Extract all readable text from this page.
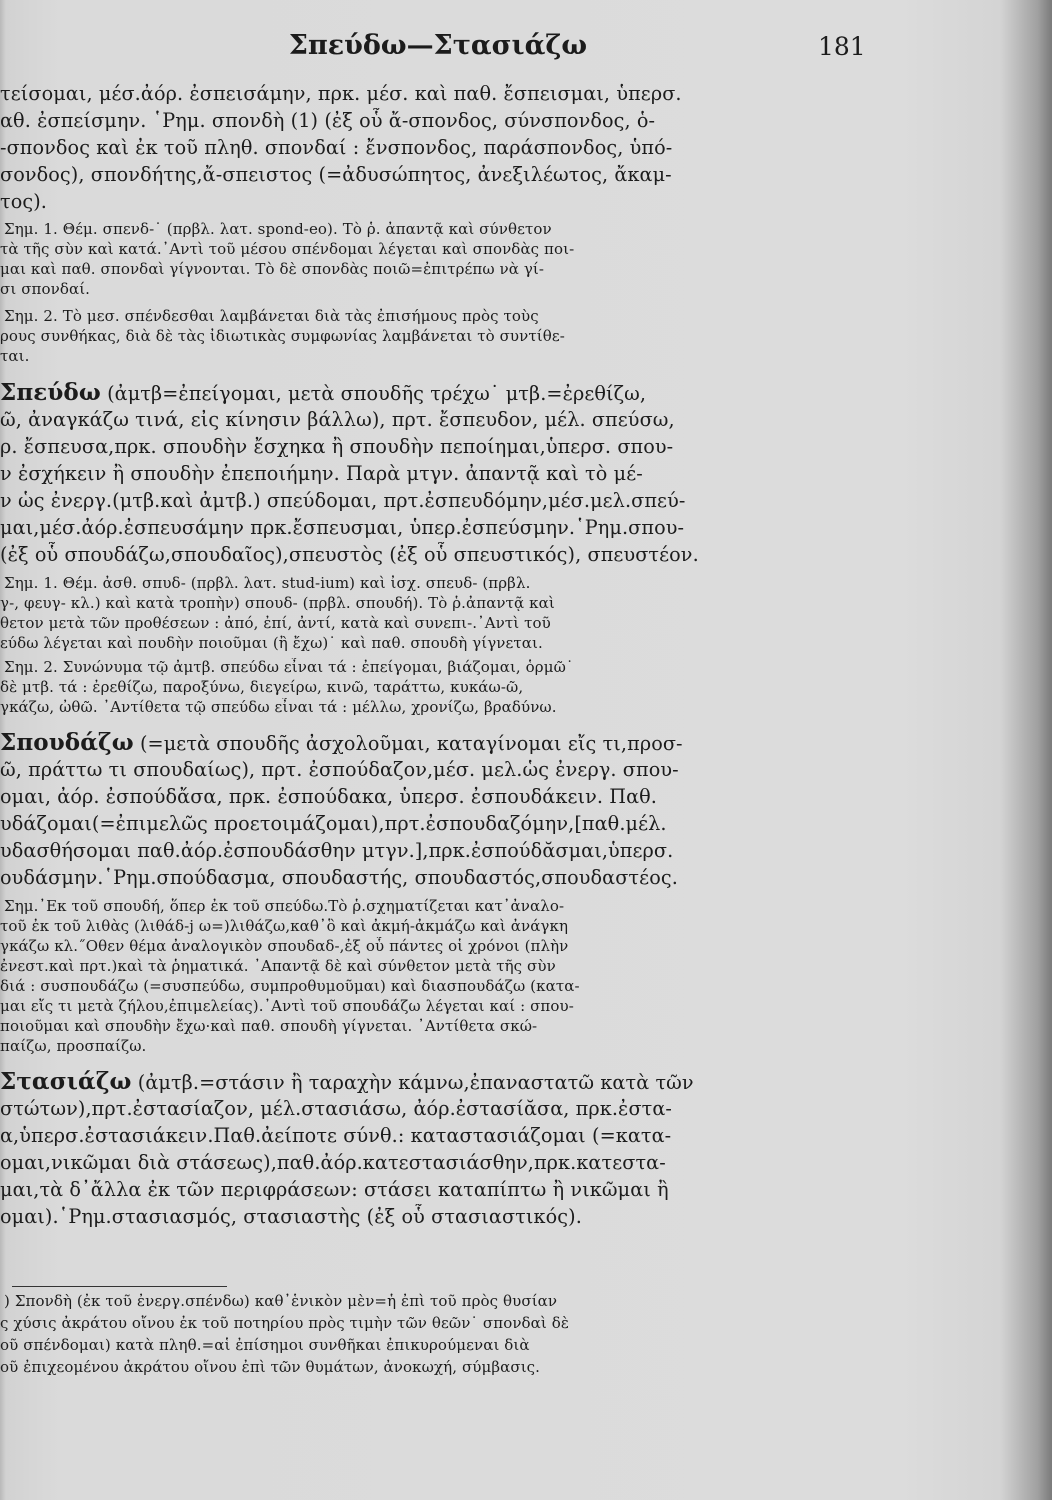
Σπεύδω—Στασιάζω	181
τείσομαι, μέσ.ἀόρ. ἐσπεισάμην, πρκ. μέσ. καὶ παθ. ἔσπεισμαι, ὑπερσ.
αθ. ἐσπείσμην. ῾Ρημ. σπονδὴ (1) (ἐξ οὗ ἄ-σπονδος, σύνσπονδος, ὁ-
-σπονδος καὶ ἐκ τοῦ πληθ. σπονδαί : ἔνσπονδος, παράσπονδος, ὑπό-
σονδος), σπονδήτης,ἄ-σπειστος (=ἀδυσώπητος, ἀνεξιλέωτος, ἄκαμ-
τος).
Σημ. 1. Θέμ. σπενδ-˙ (πρβλ. λατ. spond-eo). Τὸ ῥ. ἀπαντᾷ καὶ σύνθετον
τὰ τῆς σὺν καὶ κατά.᾿Αντὶ τοῦ μέσου σπένδομαι λέγεται καὶ σπονδὰς ποι-
μαι καὶ παθ. σπονδαὶ γίγνονται. Τὸ δὲ σπονδὰς ποιῶ=ἐπιτρέπω νὰ γί-
σι σπονδαί.
Σημ. 2. Τὸ μεσ. σπένδεσθαι λαμβάνεται διὰ τὰς ἐπισήμους πρὸς τοὺς
ρους συνθήκας, διὰ δὲ τὰς ἰδιωτικὰς συμφωνίας λαμβάνεται τὸ συντίθε-
ται.
Σπεύδω (ἀμτβ=ἐπείγομαι, μετὰ σπουδῆς τρέχω˙ μτβ.=ἐρεθίζω,
ῶ, ἀναγκάζω τινά, εἰς κίνησιν βάλλω), πρτ. ἔσπευδον, μέλ. σπεύσω,
ρ. ἔσπευσα,πρκ. σπουδὴν ἔσχηκα ἢ σπουδὴν πεποίημαι,ὑπερσ. σπου-
ν ἐσχήκειν ἢ σπουδὴν ἐπεποιήμην. Παρὰ μτγν. ἀπαντᾷ καὶ τὸ μέ-
ν ὡς ἐνεργ.(μτβ.καὶ ἀμτβ.) σπεύδομαι, πρτ.ἐσπευδόμην,μέσ.μελ.σπεύ-
μαι,μέσ.ἀόρ.ἐσπευσάμην πρκ.ἔσπευσμαι, ὑπερ.ἐσπεύσμην.῾Ρημ.σπου-
(ἐξ οὗ σπουδάζω,σπουδαῖος),σπευστὸς (ἐξ οὗ σπευστικός), σπευστέον.
Σημ. 1. Θέμ. ἀσθ. σπυδ- (πρβλ. λατ. stud-ium) καὶ ἰσχ. σπευδ- (πρβλ.
γ-, φευγ- κλ.) καὶ κατὰ τροπὴν) σπουδ- (πρβλ. σπουδή). Τὸ ῥ.ἀπαντᾷ καὶ
θετον μετὰ τῶν προθέσεων : ἀπό, ἐπί, ἀντί, κατὰ καὶ συνεπι-.᾿Αντὶ τοῦ
εύδω λέγεται καὶ πουδὴν ποιοῦμαι (ἢ ἔχω)˙ καὶ παθ. σπουδὴ γίγνεται.
Σημ. 2. Συνώνυμα τῷ ἀμτβ. σπεύδω εἶναι τά : ἐπείγομαι, βιάζομαι, ὁρμῶ˙
δὲ μτβ. τά : ἐρεθίζω, παροξύνω, διεγείρω, κινῶ, ταράττω, κυκάω-ῶ,
γκάζω, ὠθῶ. ᾿Αντίθετα τῷ σπεύδω εἶναι τά : μέλλω, χρονίζω, βραδύνω.
Σπουδάζω (=μετὰ σπουδῆς ἀσχολοῦμαι, καταγίνομαι εἴς τι,προσ-
ῶ, πράττω τι σπουδαίως), πρτ. ἐσπούδαζον,μέσ. μελ.ὡς ἐνεργ. σπου-
ομαι, ἀόρ. ἐσπούδἄσα, πρκ. ἐσπούδακα, ὑπερσ. ἐσπουδάκειν. Παθ.
υδάζομαι(=ἐπιμελῶς προετοιμάζομαι),πρτ.ἐσπουδαζόμην,[παθ.μέλ.
υδασθήσομαι παθ.ἀόρ.ἐσπουδάσθην μτγν.],πρκ.ἐσπούδᾰσμαι,ὑπερσ.
ουδάσμην.῾Ρημ.σπούδασμα, σπουδαστής, σπουδαστός,σπουδαστέος.
Σημ.᾿Εκ τοῦ σπουδή, ὅπερ ἐκ τοῦ σπεύδω.Τὸ ῥ.σχηματίζεται κατ᾿ἀναλο-
τοῦ ἐκ τοῦ λιθὰς (λιθάδ-j ω=)λιθάζω,καθ᾿ὃ καὶ ἀκμή-ἀκμάζω καὶ ἀνάγκη
γκάζω κλ.˝Οθεν θέμα ἀναλογικὸν σπουδαδ-,ἐξ οὗ πάντες οἱ χρόνοι (πλὴν
ἐνεστ.καὶ πρτ.)καὶ τὰ ῥηματικά. ᾿Απαντᾷ δὲ καὶ σύνθετον μετὰ τῆς σὺν
διά : συσπουδάζω (=συσπεύδω, συμπροθυμοῦμαι) καὶ διασπουδάζω (κατα-
μαι εἴς τι μετὰ ζήλου,ἐπιμελείας).᾿Αντὶ τοῦ σπουδάζω λέγεται καί : σπου-
ποιοῦμαι καὶ σπουδὴν ἔχω·καὶ παθ. σπουδὴ γίγνεται. ᾿Αντίθετα σκώ-
παίζω, προσπαίζω.
Στασιάζω (ἀμτβ.=στάσιν ἢ ταραχὴν κάμνω,ἐπαναστατῶ κατὰ τῶν
στώτων),πρτ.ἐστασίαζον, μέλ.στασιάσω, ἀόρ.ἐστασίᾰσα, πρκ.ἐστα-
α,ὑπερσ.ἐστασιάκειν.Παθ.ἀείποτε σύνθ.: καταστασιάζομαι (=κατα-
ομαι,νικῶμαι διὰ στάσεως),παθ.ἀόρ.κατεστασιάσθην,πρκ.κατεστα-
μαι,τὰ δ᾿ἄλλα ἐκ τῶν περιφράσεων: στάσει καταπίπτω ἢ νικῶμαι ἢ
ομαι).῾Ρημ.στασιασμός, στασιαστὴς (ἐξ οὗ στασιαστικός).
) Σπονδὴ (ἐκ τοῦ ἐνεργ.σπένδω) καθ᾿ἑνικὸν μὲν=ἡ ἐπὶ τοῦ πρὸς θυσίαν
ς χύσις ἀκράτου οἴνου ἐκ τοῦ ποτηρίου πρὸς τιμὴν τῶν θεῶν˙ σπονδαὶ δὲ
οῦ σπένδομαι) κατὰ πληθ.=αἱ ἐπίσημοι συνθῆκαι ἐπικυρούμεναι διὰ
οῦ ἐπιχεομένου ἀκράτου οἴνου ἐπὶ τῶν θυμάτων, ἀνοκωχή, σύμβασις.
